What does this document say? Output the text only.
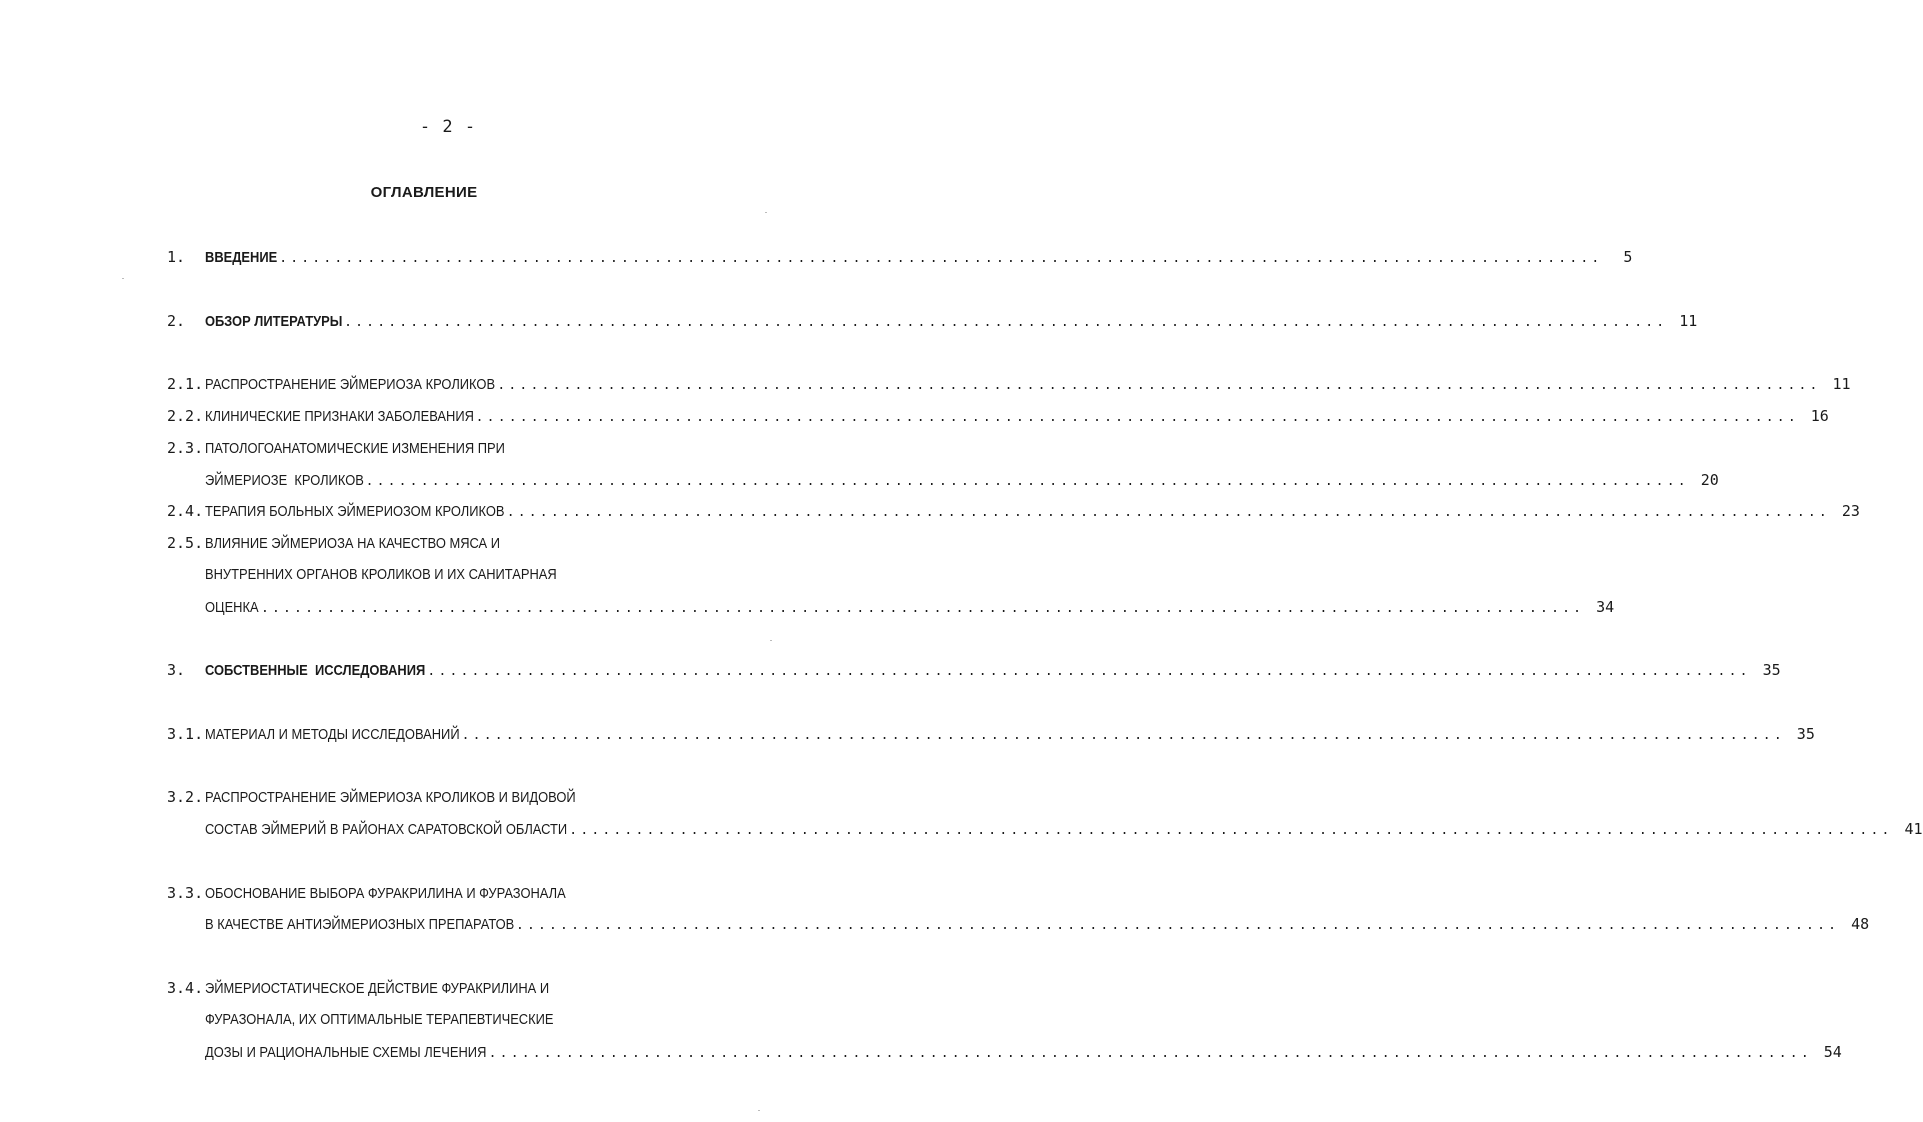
- 2 -
ОГЛАВЛЕНИЕ
1.	ВВЕДЕНИЕ ........................................................................................................................	5
2.	ОБЗОР ЛИТЕРАТУРЫ ........................................................................................................................ 11
2.1. РАСПРОСТРАНЕНИЕ ЭЙМЕРИОЗА КРОЛИКОВ ........................................................................................................................ 11
2.2. КЛИНИЧЕСКИЕ ПРИЗНАКИ ЗАБОЛЕВАНИЯ ........................................................................................................................ 16
2.3. ПАТОЛОГОАНАТОМИЧЕСКИЕ ИЗМЕНЕНИЯ ПРИ
ЭЙМЕРИОЗЕ  КРОЛИКОВ ........................................................................................................................ 20
2.4. ТЕРАПИЯ БОЛЬНЫХ ЭЙМЕРИОЗОМ КРОЛИКОВ ........................................................................................................................ 23
2.5. ВЛИЯНИЕ ЭЙМЕРИОЗА НА КАЧЕСТВО МЯСА И
ВНУТРЕННИХ ОРГАНОВ КРОЛИКОВ И ИХ САНИТАРНАЯ
ОЦЕНКА ........................................................................................................................ 34
3.	СОБСТВЕННЫЕ  ИССЛЕДОВАНИЯ ........................................................................................................................ 35
3.1. МАТЕРИАЛ И МЕТОДЫ ИССЛЕДОВАНИЙ ........................................................................................................................ 35
3.2. РАСПРОСТРАНЕНИЕ ЭЙМЕРИОЗА КРОЛИКОВ И ВИДОВОЙ
СОСТАВ ЭЙМЕРИЙ В РАЙОНАХ САРАТОВСКОЙ ОБЛАСТИ ........................................................................................................................ 41
3.3. ОБОСНОВАНИЕ ВЫБОРА ФУРАКРИЛИНА И ФУРАЗОНАЛА
В КАЧЕСТВЕ АНТИЭЙМЕРИОЗНЫХ ПРЕПАРАТОВ ........................................................................................................................ 48
3.4. ЭЙМЕРИОСТАТИЧЕСКОЕ ДЕЙСТВИЕ ФУРАКРИЛИНА И
ФУРАЗОНАЛА, ИХ ОПТИМАЛЬНЫЕ ТЕРАПЕВТИЧЕСКИЕ
ДОЗЫ И РАЦИОНАЛЬНЫЕ СХЕМЫ ЛЕЧЕНИЯ ........................................................................................................................ 54
